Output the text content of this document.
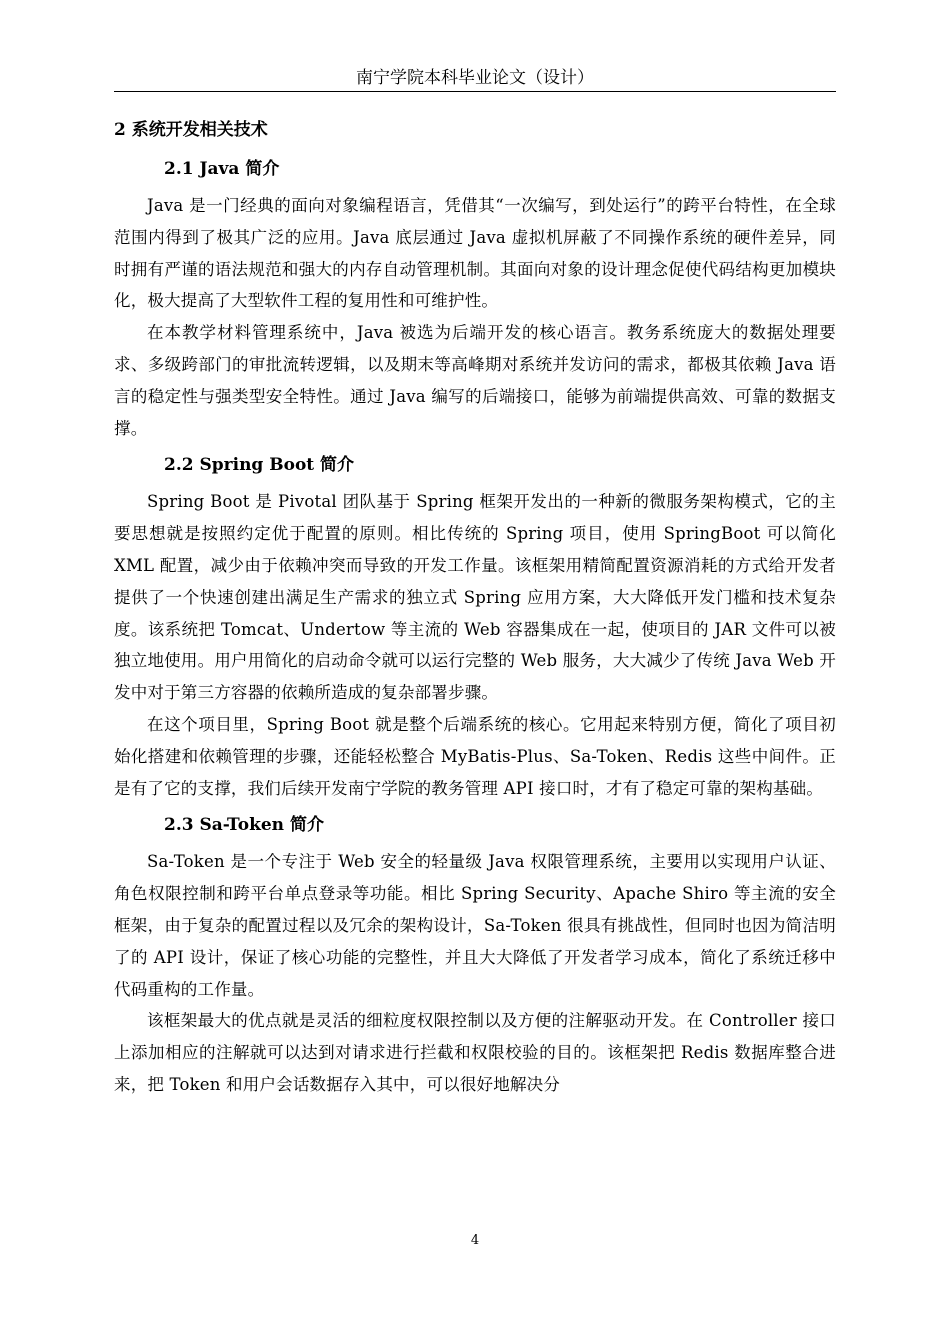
南宁学院本科毕业论文（设计）
2 系统开发相关技术
2.1 Java 简介

Java 是一门经典的面向对象编程语言，凭借其“一次编写，到处运行”的跨平台特性，在全球范围内得到了极其广泛的应用。Java 底层通过 Java 虚拟机屏蔽了不同操作系统的硬件差异，同时拥有严谨的语法规范和强大的内存自动管理机制。其面向对象的设计理念促使代码结构更加模块化，极大提高了大型软件工程的复用性和可维护性。

在本教学材料管理系统中，Java 被选为后端开发的核心语言。教务系统庞大的数据处理要求、多级跨部门的审批流转逻辑，以及期末等高峰期对系统并发访问的需求，都极其依赖 Java 语言的稳定性与强类型安全特性。通过 Java 编写的后端接口，能够为前端提供高效、可靠的数据支撑。

2.2 Spring Boot 简介

Spring Boot 是 Pivotal 团队基于 Spring 框架开发出的一种新的微服务架构模式，它的主要思想就是按照约定优于配置的原则。相比传统的 Spring 项目，使用 SpringBoot 可以简化 XML 配置，减少由于依赖冲突而导致的开发工作量。该框架用精简配置资源消耗的方式给开发者提供了一个快速创建出满足生产需求的独立式 Spring 应用方案，大大降低开发门槛和技术复杂度。该系统把 Tomcat、Undertow 等主流的 Web 容器集成在一起，使项目的 JAR 文件可以被独立地使用。用户用简化的启动命令就可以运行完整的 Web 服务，大大减少了传统 Java Web 开发中对于第三方容器的依赖所造成的复杂部署步骤。

在这个项目里，Spring Boot 就是整个后端系统的核心。它用起来特别方便，简化了项目初始化搭建和依赖管理的步骤，还能轻松整合 MyBatis-Plus、Sa-Token、Redis 这些中间件。正是有了它的支撑，我们后续开发南宁学院的教务管理 API 接口时，才有了稳定可靠的架构基础。

2.3 Sa-Token 简介

Sa-Token 是一个专注于 Web 安全的轻量级 Java 权限管理系统，主要用以实现用户认证、角色权限控制和跨平台单点登录等功能。相比 Spring Security、Apache Shiro 等主流的安全框架，由于复杂的配置过程以及冗余的架构设计，Sa-Token 很具有挑战性，但同时也因为简洁明了的 API 设计，保证了核心功能的完整性，并且大大降低了开发者学习成本，简化了系统迁移中代码重构的工作量。

该框架最大的优点就是灵活的细粒度权限控制以及方便的注解驱动开发。在 Controller 接口上添加相应的注解就可以达到对请求进行拦截和权限校验的目的。该框架把 Redis 数据库整合进来，把 Token 和用户会话数据存入其中，可以很好地解决分

4
